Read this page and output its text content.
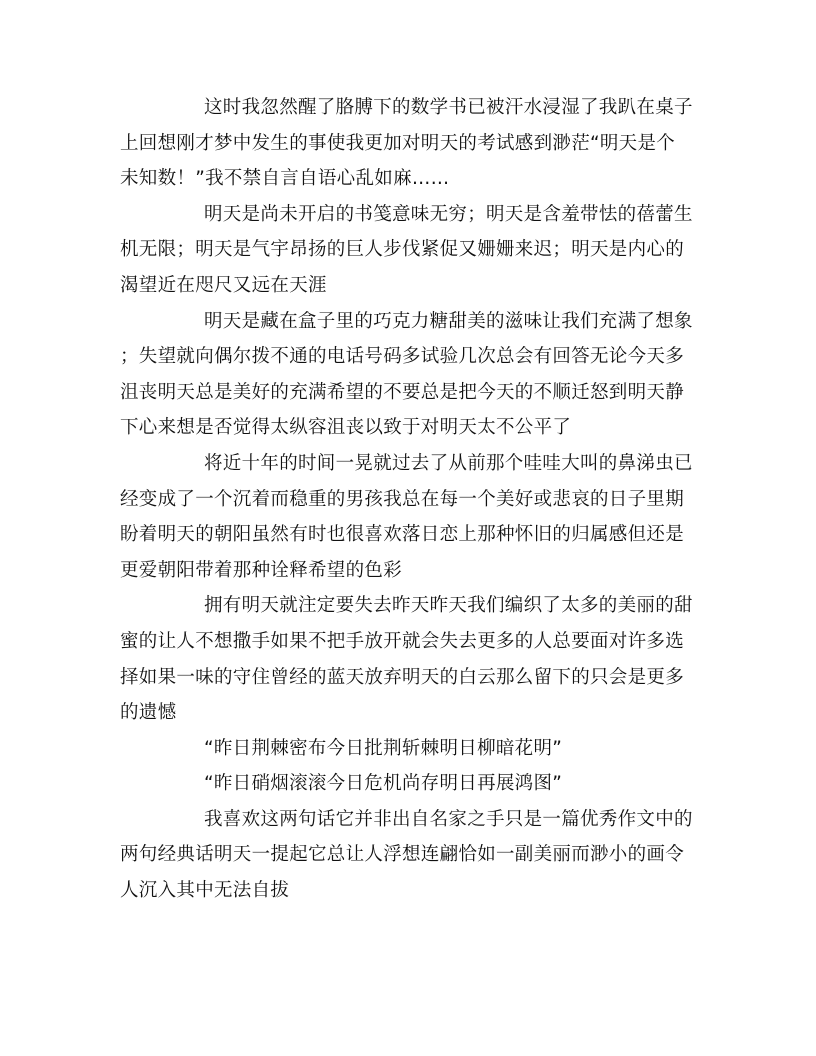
这时我忽然醒了胳膊下的数学书已被汗水浸湿了我趴在桌子
上回想刚才梦中发生的事使我更加对明天的考试感到渺茫“明天是个
未知数！”我不禁自言自语心乱如麻……
明天是尚未开启的书笺意味无穷；明天是含羞带怯的蓓蕾生
机无限；明天是气宇昂扬的巨人步伐紧促又姗姗来迟；明天是内心的
渴望近在咫尺又远在天涯
明天是藏在盒子里的巧克力糖甜美的滋味让我们充满了想象
；失望就向偶尔拨不通的电话号码多试验几次总会有回答无论今天多
沮丧明天总是美好的充满希望的不要总是把今天的不顺迁怒到明天静
下心来想是否觉得太纵容沮丧以致于对明天太不公平了
将近十年的时间一晃就过去了从前那个哇哇大叫的鼻涕虫已
经变成了一个沉着而稳重的男孩我总在每一个美好或悲哀的日子里期
盼着明天的朝阳虽然有时也很喜欢落日恋上那种怀旧的归属感但还是
更爱朝阳带着那种诠释希望的色彩
拥有明天就注定要失去昨天昨天我们编织了太多的美丽的甜
蜜的让人不想撒手如果不把手放开就会失去更多的人总要面对许多选
择如果一味的守住曾经的蓝天放弃明天的白云那么留下的只会是更多
的遗憾
“昨日荆棘密布今日批荆斩棘明日柳暗花明”
“昨日硝烟滚滚今日危机尚存明日再展鸿图”
我喜欢这两句话它并非出自名家之手只是一篇优秀作文中的
两句经典话明天一提起它总让人浮想连翩恰如一副美丽而渺小的画令
人沉入其中无法自拔
